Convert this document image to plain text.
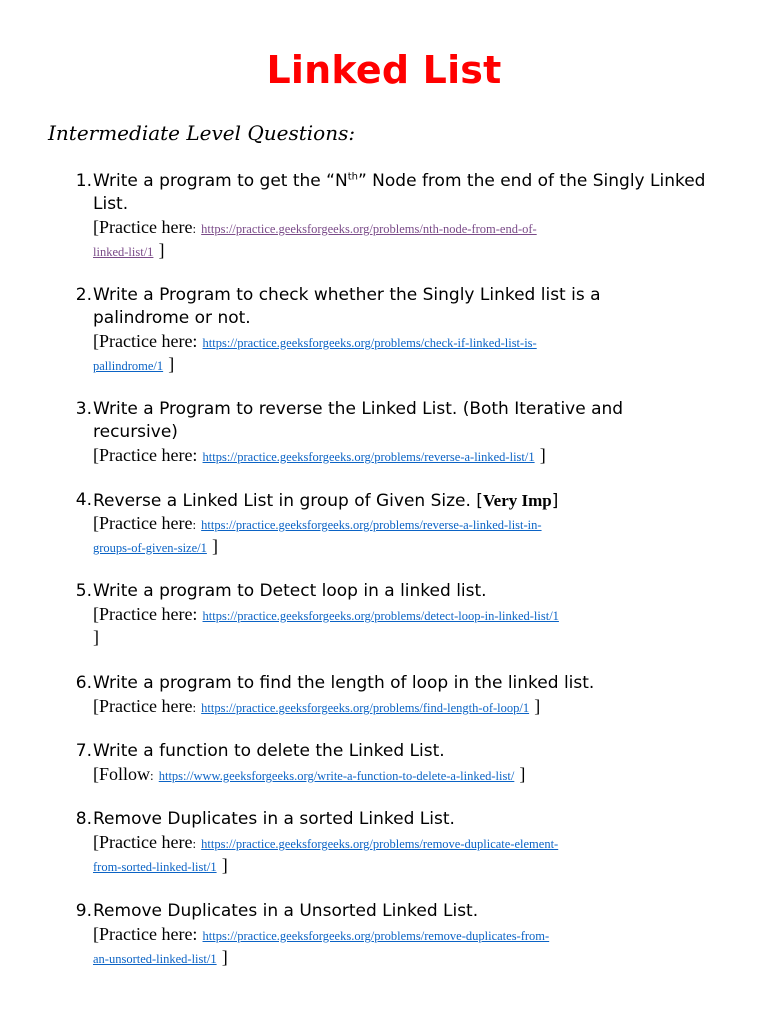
Linked List
Intermediate Level Questions:
1. Write a program to get the “$N^{th}$” Node from the end of the Singly Linked
List.
[Practice here: https://practice.geeksforgeeks.org/problems/nth-node-from-end-of-
linked-list/1 ]
2. Write a Program to check whether the Singly Linked list is a
palindrome or not.
[Practice here: https://practice.geeksforgeeks.org/problems/check-if-linked-list-is-
pallindrome/1 ]
3. Write a Program to reverse the Linked List. (Both Iterative and
recursive)
[Practice here: https://practice.geeksforgeeks.org/problems/reverse-a-linked-list/1 ]
4. Reverse a Linked List in group of Given Size. [Very Imp]
[Practice here: https://practice.geeksforgeeks.org/problems/reverse-a-linked-list-in-
groups-of-given-size/1 ]
5. Write a program to Detect loop in a linked list.
[Practice here: https://practice.geeksforgeeks.org/problems/detect-loop-in-linked-list/1
]
6. Write a program to find the length of loop in the linked list.
[Practice here: https://practice.geeksforgeeks.org/problems/find-length-of-loop/1 ]
7. Write a function to delete the Linked List.
[Follow: https://www.geeksforgeeks.org/write-a-function-to-delete-a-linked-list/ ]
8. Remove Duplicates in a sorted Linked List.
[Practice here: https://practice.geeksforgeeks.org/problems/remove-duplicate-element-
from-sorted-linked-list/1 ]
9. Remove Duplicates in a Unsorted Linked List.
[Practice here: https://practice.geeksforgeeks.org/problems/remove-duplicates-from-
an-unsorted-linked-list/1 ]
